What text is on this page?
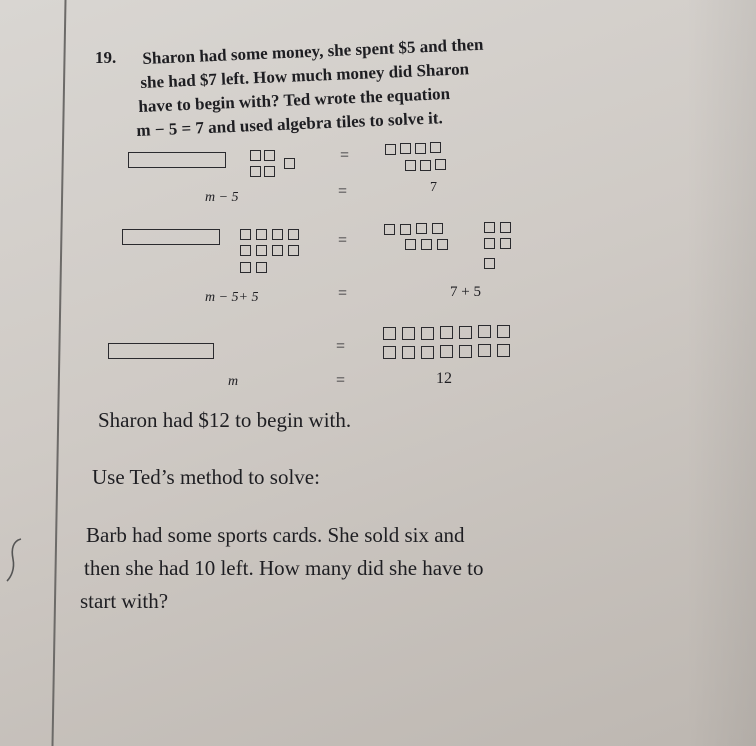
19. Sharon had some money, she spent $5 and then
she had $7 left. How much money did Sharon
have to begin with? Ted wrote the equation
m − 5 = 7 and used algebra tiles to solve it.
=
m − 5	=	7
=
m − 5+ 5	=	7 + 5
=
m	=	12
Sharon had $12 to begin with.
Use Ted’s method to solve:
Barb had some sports cards. She sold six and
then she had 10 left. How many did she have to
start with?
